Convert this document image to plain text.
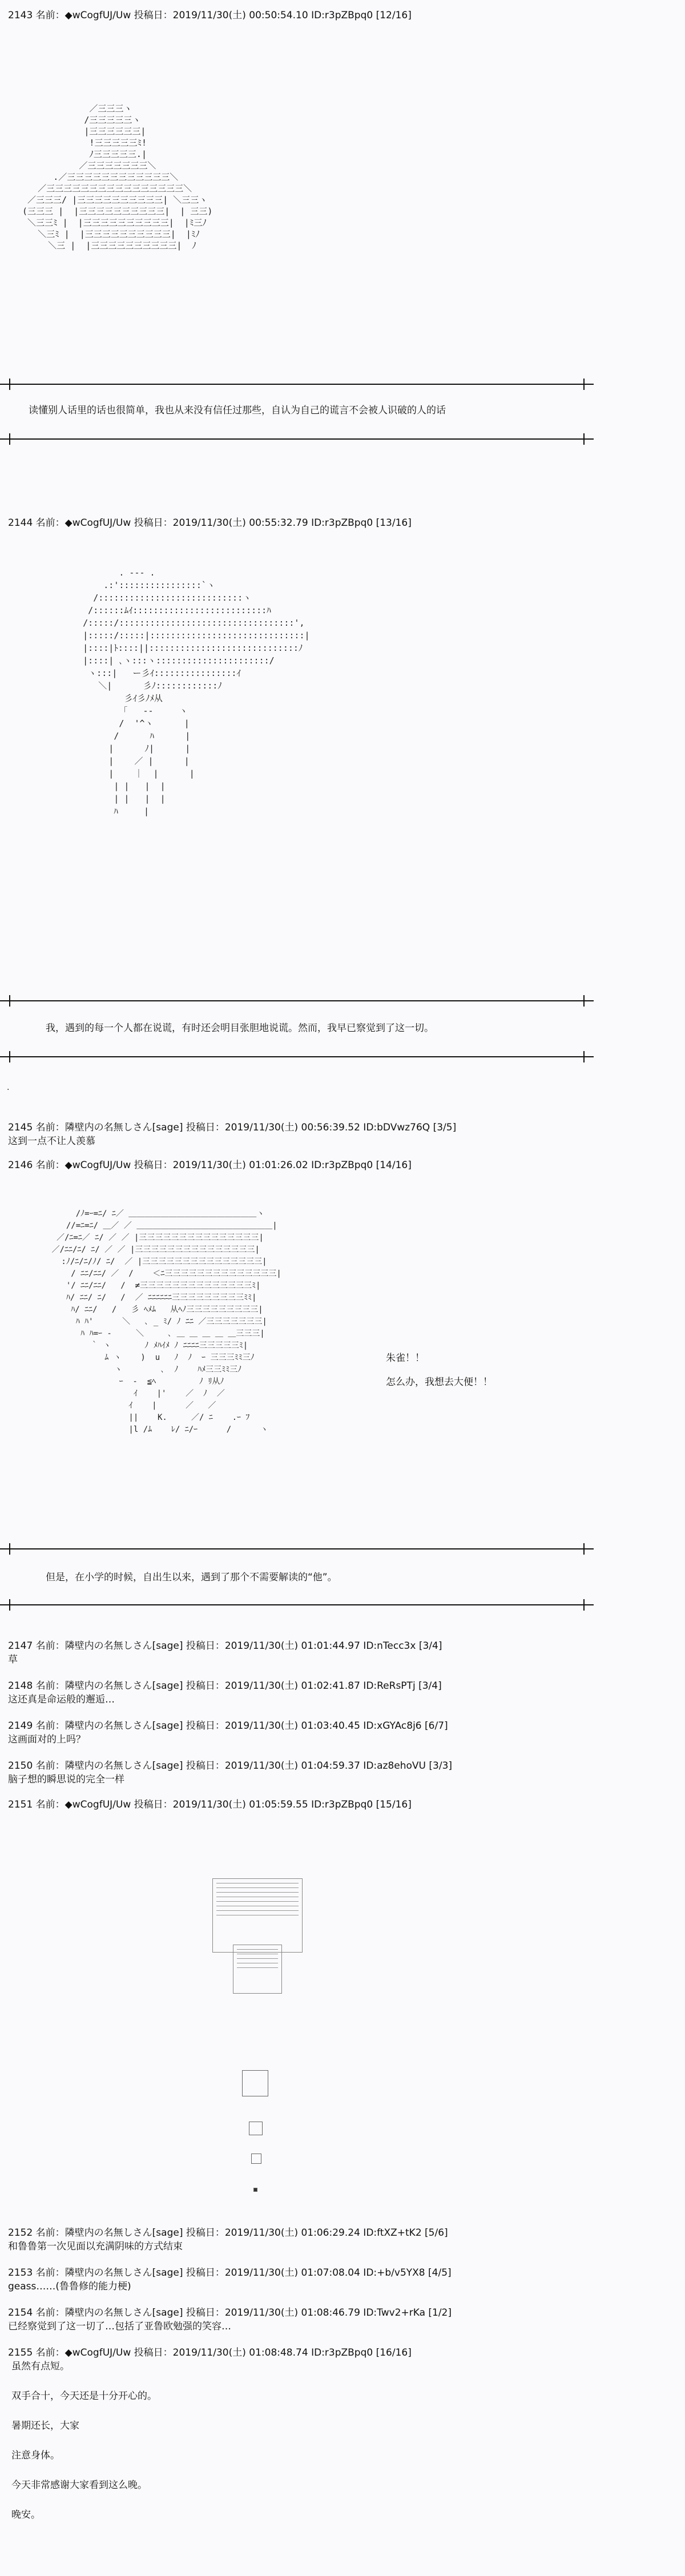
2143 名前：◆wCogfUJ/Uw 投稿日：2019/11/30(土) 00:50:54.10 ID:r3pZBpq0 [12/16]
／三三三ヽ
/三三三三三ヽ
|三三三三三三|
!三三三三三ﾐ!
ﾉ三三三三三.|
／三三三三三三三＼
.／三三三三三三三三三三三三＼
／三三三三三三三三三三三三三三三三＼
／三三三/ |三三三三三三三三三三| ＼三三ヽ
(三三三 |  |三三三三三三三三三三|  | 三三)
＼三三ﾐ |  |三三三三三三三三三三|  |ﾐ三ﾉ
＼三ﾐ |  |三三三三三三三三三三|  |ﾐﾉ
＼三 |  |三三三三三三三三三三|  ﾉ
读懂别人话里的话也很简单，我也从来没有信任过那些，自认为自己的谎言不会被人识破的人的话
2144 名前：◆wCogfUJ/Uw 投稿日：2019/11/30(土) 00:55:32.79 ID:r3pZBpq0 [13/16]
. -‐- .
.:'::::::::::::::::`ヽ
/::::::::::::::::::::::::::::ヽ
/::::::ﾑｲ::::::::::::::::::::::::::ﾊ
/:::::/::::::::::::::::::::::::::::::::::',
|:::::/:::::|::::::::::::::::::::::::::::::|
|::::|ﾄ::::||:::::::::::::::::::::::::::::ﾉ
|::::| ､ヽ:::ヽ::::::::::::::::::::::/
ヽ:::|   ー彡ｲ::::::::::::::::ｲ
＼|      彡ﾉ::::::::::::ﾉ
彡ｲ彡ﾉﾒ从
「   ‐-     ヽ
/  '^ヽ      |
/      ﾊ      |
|      ﾉ|      |
|    ／ |      |
|    ｜  |      |
| |   |  |
| |   |  |
ﾊ     |
我，遇到的每一个人都在说谎，有时还会明目张胆地说谎。然而，我早已察觉到了这一切。
.
2145 名前：隣壁内の名無しさん[sage] 投稿日：2019/11/30(土) 00:56:39.52 ID:bDVwz76Q [3/5]
这到一点不让人羡慕
2146 名前：◆wCogfUJ/Uw 投稿日：2019/11/30(土) 01:01:26.02 ID:r3pZBpq0 [14/16]
/ﾉ=ｰ=ﾆ/ ﾆ／ ＿＿＿＿＿＿＿＿＿＿＿＿＿＿＿＿ヽ
//=ﾆ=ﾆ/ ＿／ ／ ＿＿＿＿＿＿＿＿＿＿＿＿＿＿＿＿＿|
／/ﾆ=ﾆ／ ﾆ/ ／ ／ |三三三三三三三三三三三三三三三|
／/ﾆﾆ/ﾆ/ ﾆ/ ／ ／ |三三三三三三三三三三三三三三三|
:ﾉ/ﾆ/ﾆ/ﾉ/ ﾆ/  ／ |三三三三三三三三三三三三三三三|
/ ﾆﾆ/ﾆﾆ/ ／  /    ＜ﾆ三三三三三三三三三三三三三三|
'/ ﾆﾆ/ﾆﾆ/   /  ≠三三三三三三三三三三三三三三ﾐ|
ﾊ/ ﾆﾆ/ ﾆ/   /  ／ ﾆﾆﾆﾆﾆﾆ三三三三三三三三三ﾐﾐ|
ﾊ/ ﾆﾆ/   /   彡 ﾍﾒﾑ   从ﾍﾉ三三三三三三三三三|
ﾊ ﾊ'      ＼   ､ _ ﾐ/ ﾉ ﾆﾆ ／三三三三三三三|
ﾊ ﾊ=ｰ -     ＼     ､ ＿ ＿ ＿ ＿ ＿三三三|
｀ ヽ       ﾉ ﾒﾊｲﾒ ﾉ ﾆﾆﾆﾆ三三三三三ﾐ|
ﾑ ヽ    )  u   ﾉ  ﾉ  ｰ 三三三ﾐﾐ三ﾉ
ヽ        ､  ﾉ    ﾊﾒ三三ﾐﾐ三ﾉ
ｰ  -  ≦ﾍ         ﾉ ﾘ从ﾉ
ｲ    |'    ／  ﾉ  ／
ｲ    |      ／   ／
||    K.     ／/ ﾆ    .ｰ ﾌ
|l /ﾑ    ﾚ/ ﾆ/ｰ      /      ヽ
朱雀！！
怎么办，我想去大便！！
但是，在小学的时候，自出生以来，遇到了那个不需要解读的“他”。
2147 名前：隣壁内の名無しさん[sage] 投稿日：2019/11/30(土) 01:01:44.97 ID:nTecc3x [3/4]
草
2148 名前：隣壁内の名無しさん[sage] 投稿日：2019/11/30(土) 01:02:41.87 ID:ReRsPTj [3/4]
这还真是命运般的邂逅…
2149 名前：隣壁内の名無しさん[sage] 投稿日：2019/11/30(土) 01:03:40.45 ID:xGYAc8j6 [6/7]
这画面对的上吗？
2150 名前：隣壁内の名無しさん[sage] 投稿日：2019/11/30(土) 01:04:59.37 ID:az8ehoVU [3/3]
脑子想的瞬思说的完全一样
2151 名前：◆wCogfUJ/Uw 投稿日：2019/11/30(土) 01:05:59.55 ID:r3pZBpq0 [15/16]
2152 名前：隣壁内の名無しさん[sage] 投稿日：2019/11/30(土) 01:06:29.24 ID:ftXZ+tK2 [5/6]
和鲁鲁第一次见面以充满阴味的方式结束
2153 名前：隣壁内の名無しさん[sage] 投稿日：2019/11/30(土) 01:07:08.04 ID:+b/v5YX8 [4/5]
geass……(鲁鲁修的能力梗)
2154 名前：隣壁内の名無しさん[sage] 投稿日：2019/11/30(土) 01:08:46.79 ID:Twv2+rKa [1/2]
已经察觉到了这一切了…包括了亚鲁欧勉强的笑容…
2155 名前：◆wCogfUJ/Uw 投稿日：2019/11/30(土) 01:08:48.74 ID:r3pZBpq0 [16/16]
虽然有点短。
双手合十，今天还是十分开心的。
暑期还长，大家
注意身体。
今天非常感谢大家看到这么晚。
晚安。
